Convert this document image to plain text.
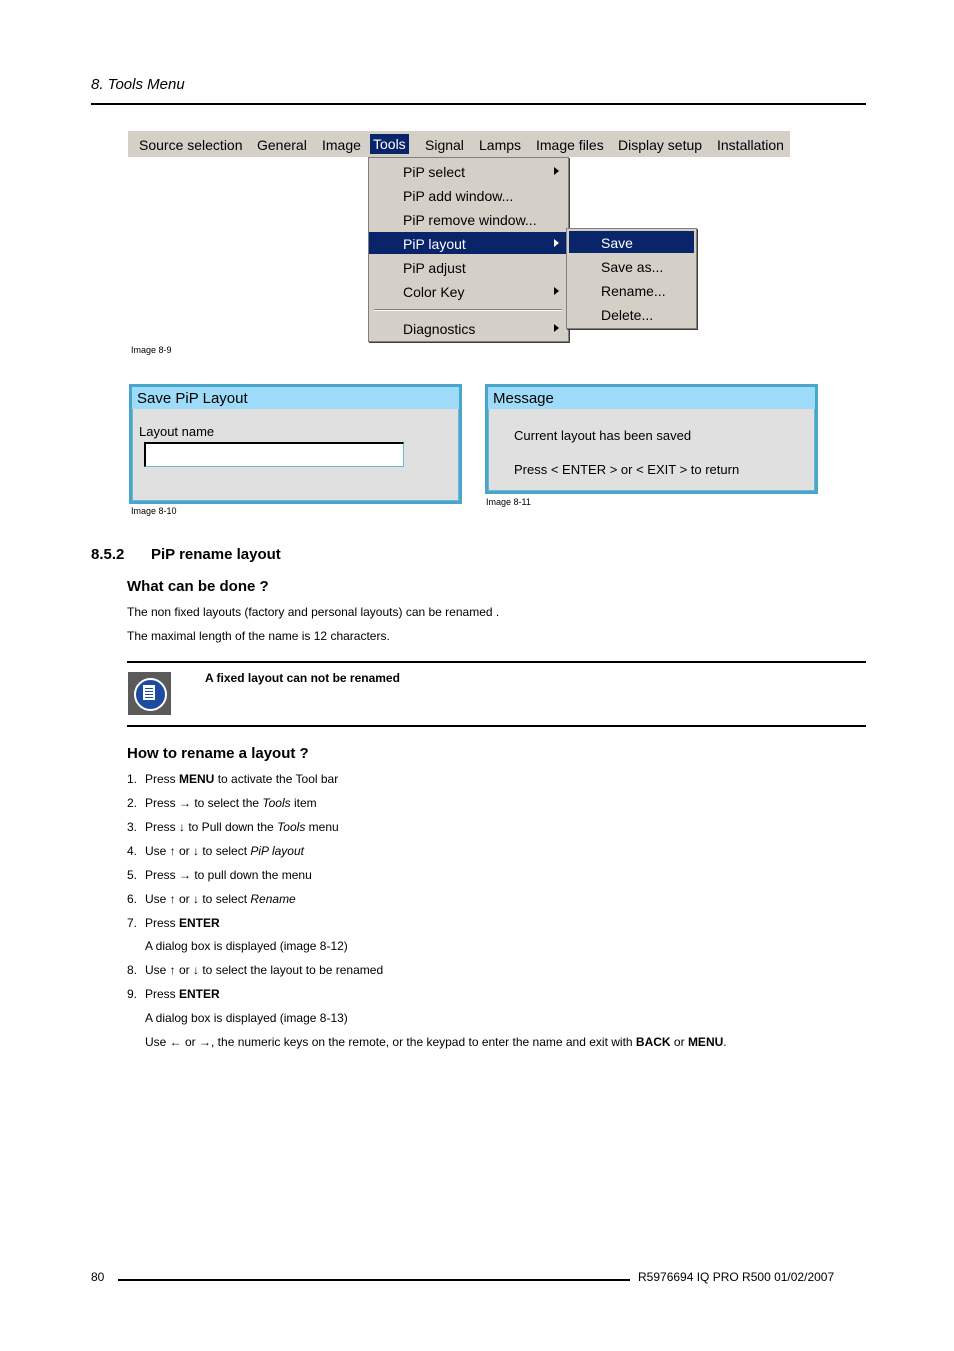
8. Tools Menu
Source selection General Image Tools Signal Lamps Image files Display setup Installation
PiP select
PiP add window...
PiP remove window...
PiP layout
PiP adjust
Color Key
Diagnostics
Save
Save as...
Rename...
Delete...
Image 8-9
Save PiP Layout
Layout name
Image 8-10
Message
Current layout has been saved
Press < ENTER > or < EXIT > to return
Image 8-11
8.5.2 PiP rename layout
What can be done ?
The non fixed layouts (factory and personal layouts) can be renamed .
The maximal length of the name is 12 characters.
A fixed layout can not be renamed
How to rename a layout ?
1. Press MENU to activate the Tool bar
2. Press → to select the Tools item
3. Press ↓ to Pull down the Tools menu
4. Use ↑ or ↓ to select PiP layout
5. Press → to pull down the menu
6. Use ↑ or ↓ to select Rename
7. Press ENTER
A dialog box is displayed (image 8-12)
8. Use ↑ or ↓ to select the layout to be renamed
9. Press ENTER
A dialog box is displayed (image 8-13)
Use ← or →, the numeric keys on the remote, or the keypad to enter the name and exit with BACK or MENU.
80	R5976694 IQ PRO R500 01/02/2007
